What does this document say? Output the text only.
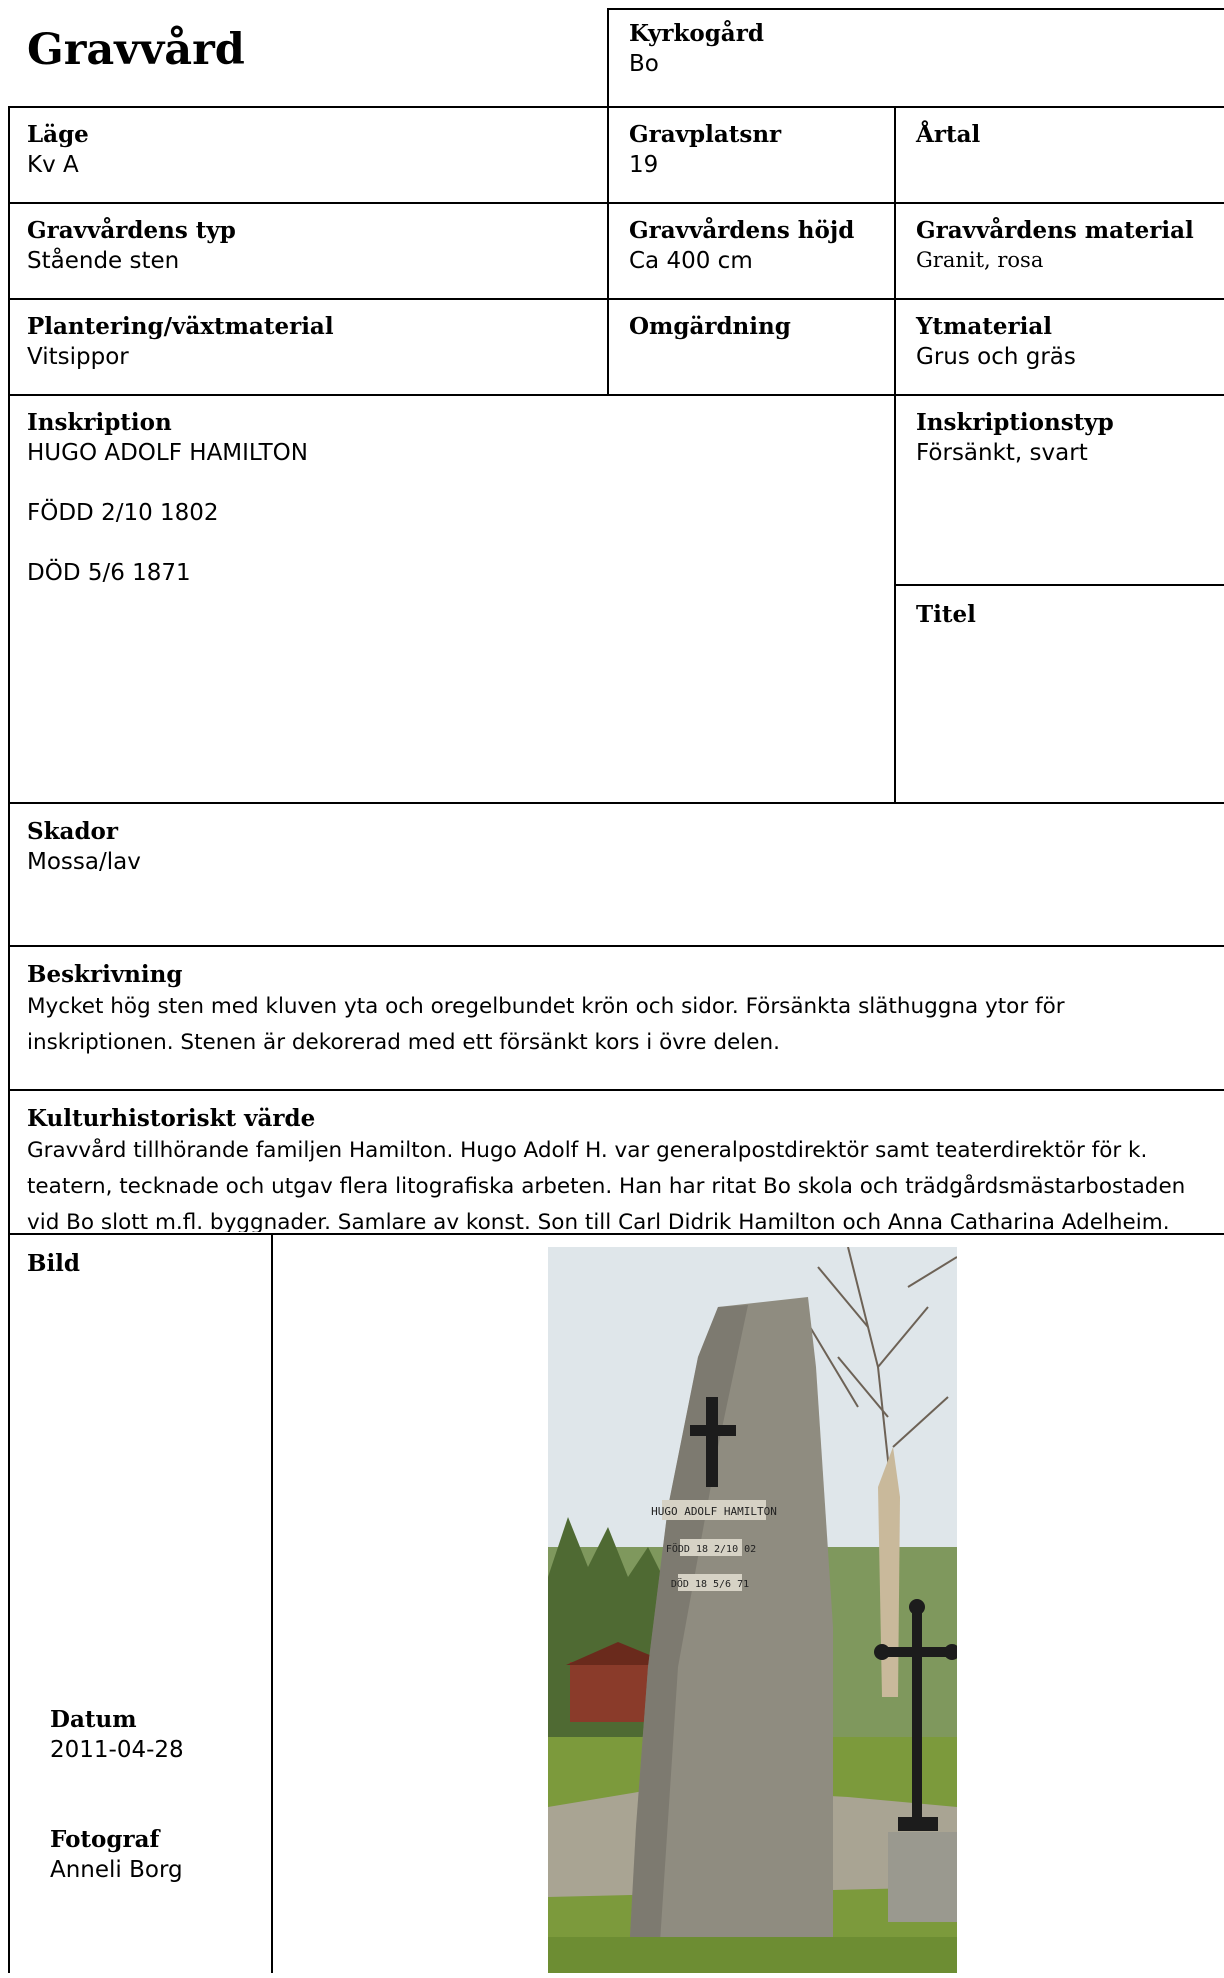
Gravvård	Kyrkogård
Bo
Läge
Kv A
Gravplatsnr
19
Årtal
Gravvårdens typ
Stående sten
Gravvårdens höjd
Ca 400 cm
Gravvårdens material
Granit, rosa
Plantering/växtmaterial
Vitsippor
Omgärdning	Ytmaterial
Grus och gräs
Inskription
HUGO ADOLF HAMILTON
FÖDD 2/10 1802
DÖD 5/6 1871
Inskriptionstyp
Försänkt, svart
Titel
Skador
Mossa/lav
Beskrivning
Mycket hög sten med kluven yta och oregelbundet krön och sidor. Försänkta släthuggna ytor för inskriptionen. Stenen är dekorerad med ett försänkt kors i övre delen.
Kulturhistoriskt värde
Gravvård tillhörande familjen Hamilton. Hugo Adolf H. var generalpostdirektör samt teaterdirektör för k. teatern, tecknade och utgav flera litografiska arbeten. Han har ritat Bo skola och trädgårdsmästarbostaden vid Bo slott m.fl. byggnader. Samlare av konst. Son till Carl Didrik Hamilton och Anna Catharina Adelheim.
Bild
Datum
2011-04-28
Fotograf
Anneli Borg
HUGO ADOLF HAMILTON
FÖDD 18 2/10 02
DÖD 18 5/6 71
